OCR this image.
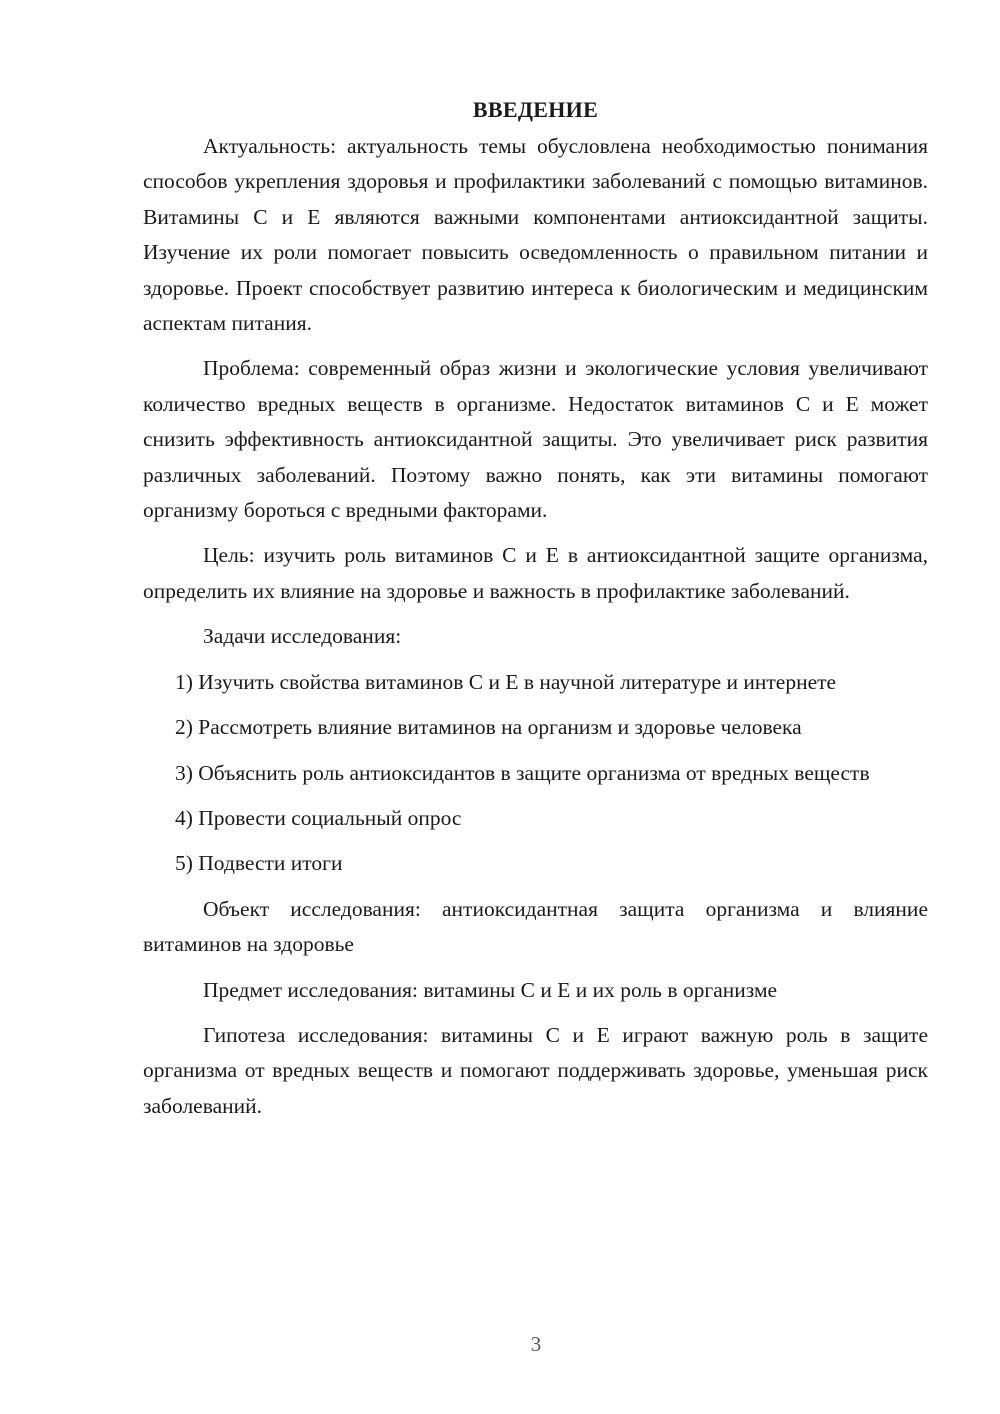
ВВЕДЕНИЕ

Актуальность: актуальность темы обусловлена необходимостью понимания способов укрепления здоровья и профилактики заболеваний с помощью витаминов. Витамины C и E являются важными компонентами антиоксидантной защиты. Изучение их роли помогает повысить осведомленность о правильном питании и здоровье. Проект способствует развитию интереса к биологическим и медицинским аспектам питания.

Проблема: современный образ жизни и экологические условия увеличивают количество вредных веществ в организме. Недостаток витаминов C и E может снизить эффективность антиоксидантной защиты. Это увеличивает риск развития различных заболеваний. Поэтому важно понять, как эти витамины помогают организму бороться с вредными факторами.

Цель: изучить роль витаминов C и E в антиоксидантной защите организма, определить их влияние на здоровье и важность в профилактике заболеваний.

Задачи исследования:

1) Изучить свойства витаминов C и E в научной литературе и интернете

2) Рассмотреть влияние витаминов на организм и здоровье человека

3) Объяснить роль антиоксидантов в защите организма от вредных веществ

4) Провести социальный опрос

5) Подвести итоги

Объект исследования: антиоксидантная защита организма и влияние витаминов на здоровье

Предмет исследования: витамины C и E и их роль в организме

Гипотеза исследования: витамины C и E играют важную роль в защите организма от вредных веществ и помогают поддерживать здоровье, уменьшая риск заболеваний.

3
